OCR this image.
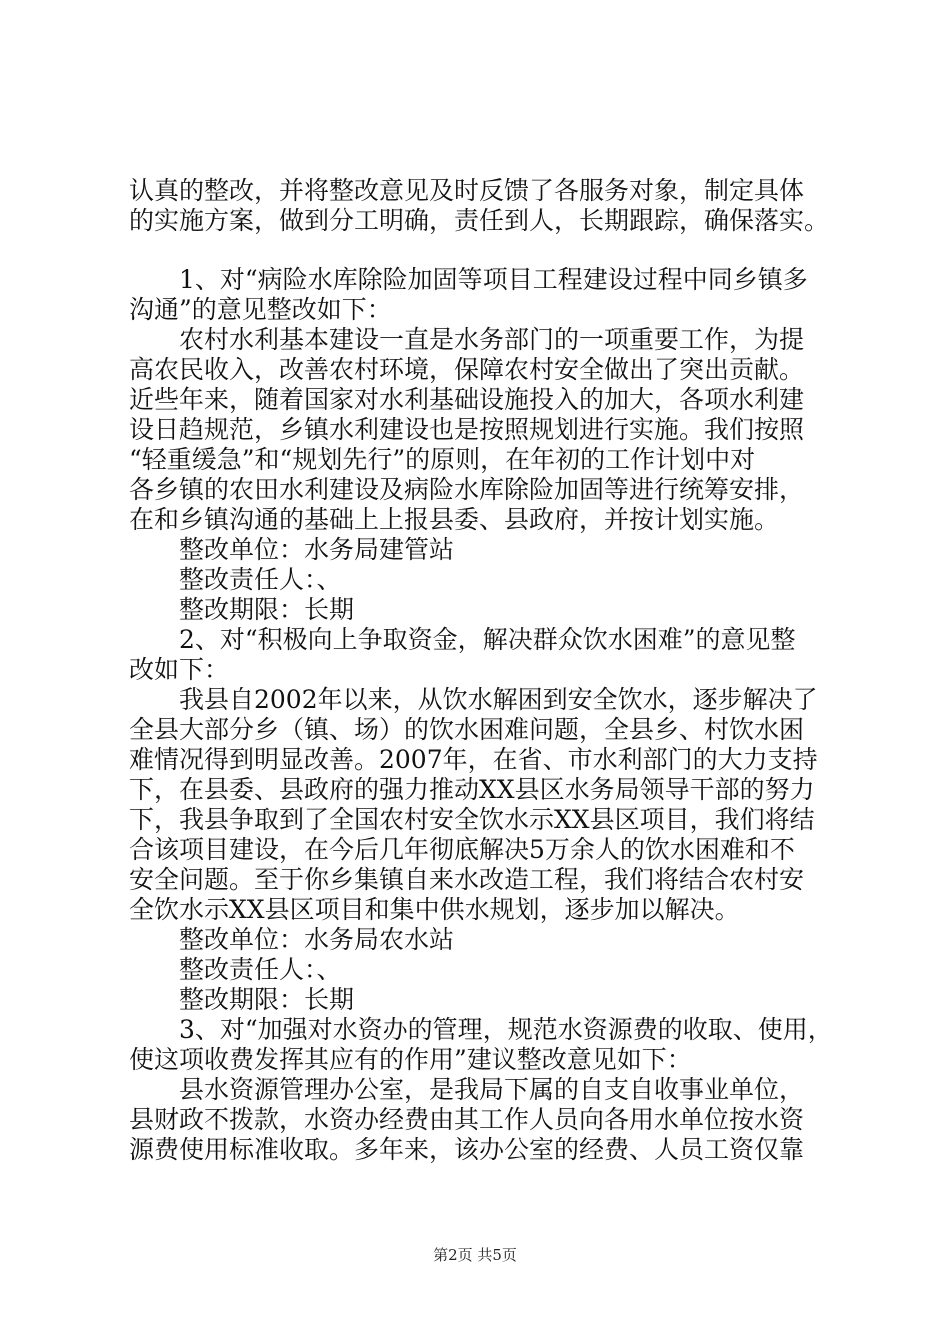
认真的整改，并将整改意见及时反馈了各服务对象，制定具体
的实施方案，做到分工明确，责任到人，长期跟踪，确保落实。
1、对“病险水库除险加固等项目工程建设过程中同乡镇多
沟通”的意见整改如下：
农村水利基本建设一直是水务部门的一项重要工作，为提
高农民收入，改善农村环境，保障农村安全做出了突出贡献。
近些年来，随着国家对水利基础设施投入的加大，各项水利建
设日趋规范，乡镇水利建设也是按照规划进行实施。我们按照
“轻重缓急”和“规划先行”的原则，在年初的工作计划中对
各乡镇的农田水利建设及病险水库除险加固等进行统筹安排，
在和乡镇沟通的基础上上报县委、县政府，并按计划实施。
整改单位：水务局建管站
整改责任人：、
整改期限：长期
2、对“积极向上争取资金，解决群众饮水困难”的意见整
改如下：
我县自2002年以来，从饮水解困到安全饮水，逐步解决了
全县大部分乡（镇、场）的饮水困难问题，全县乡、村饮水困
难情况得到明显改善。2007年，在省、市水利部门的大力支持
下，在县委、县政府的强力推动XX县区水务局领导干部的努力
下，我县争取到了全国农村安全饮水示XX县区项目，我们将结
合该项目建设，在今后几年彻底解决5万余人的饮水困难和不
安全问题。至于你乡集镇自来水改造工程，我们将结合农村安
全饮水示XX县区项目和集中供水规划，逐步加以解决。
整改单位：水务局农水站
整改责任人：、
整改期限：长期
3、对“加强对水资办的管理，规范水资源费的收取、使用，
使这项收费发挥其应有的作用”建议整改意见如下：
县水资源管理办公室，是我局下属的自支自收事业单位，
县财政不拨款，水资办经费由其工作人员向各用水单位按水资
源费使用标准收取。多年来，该办公室的经费、人员工资仅靠
第2页 共5页
